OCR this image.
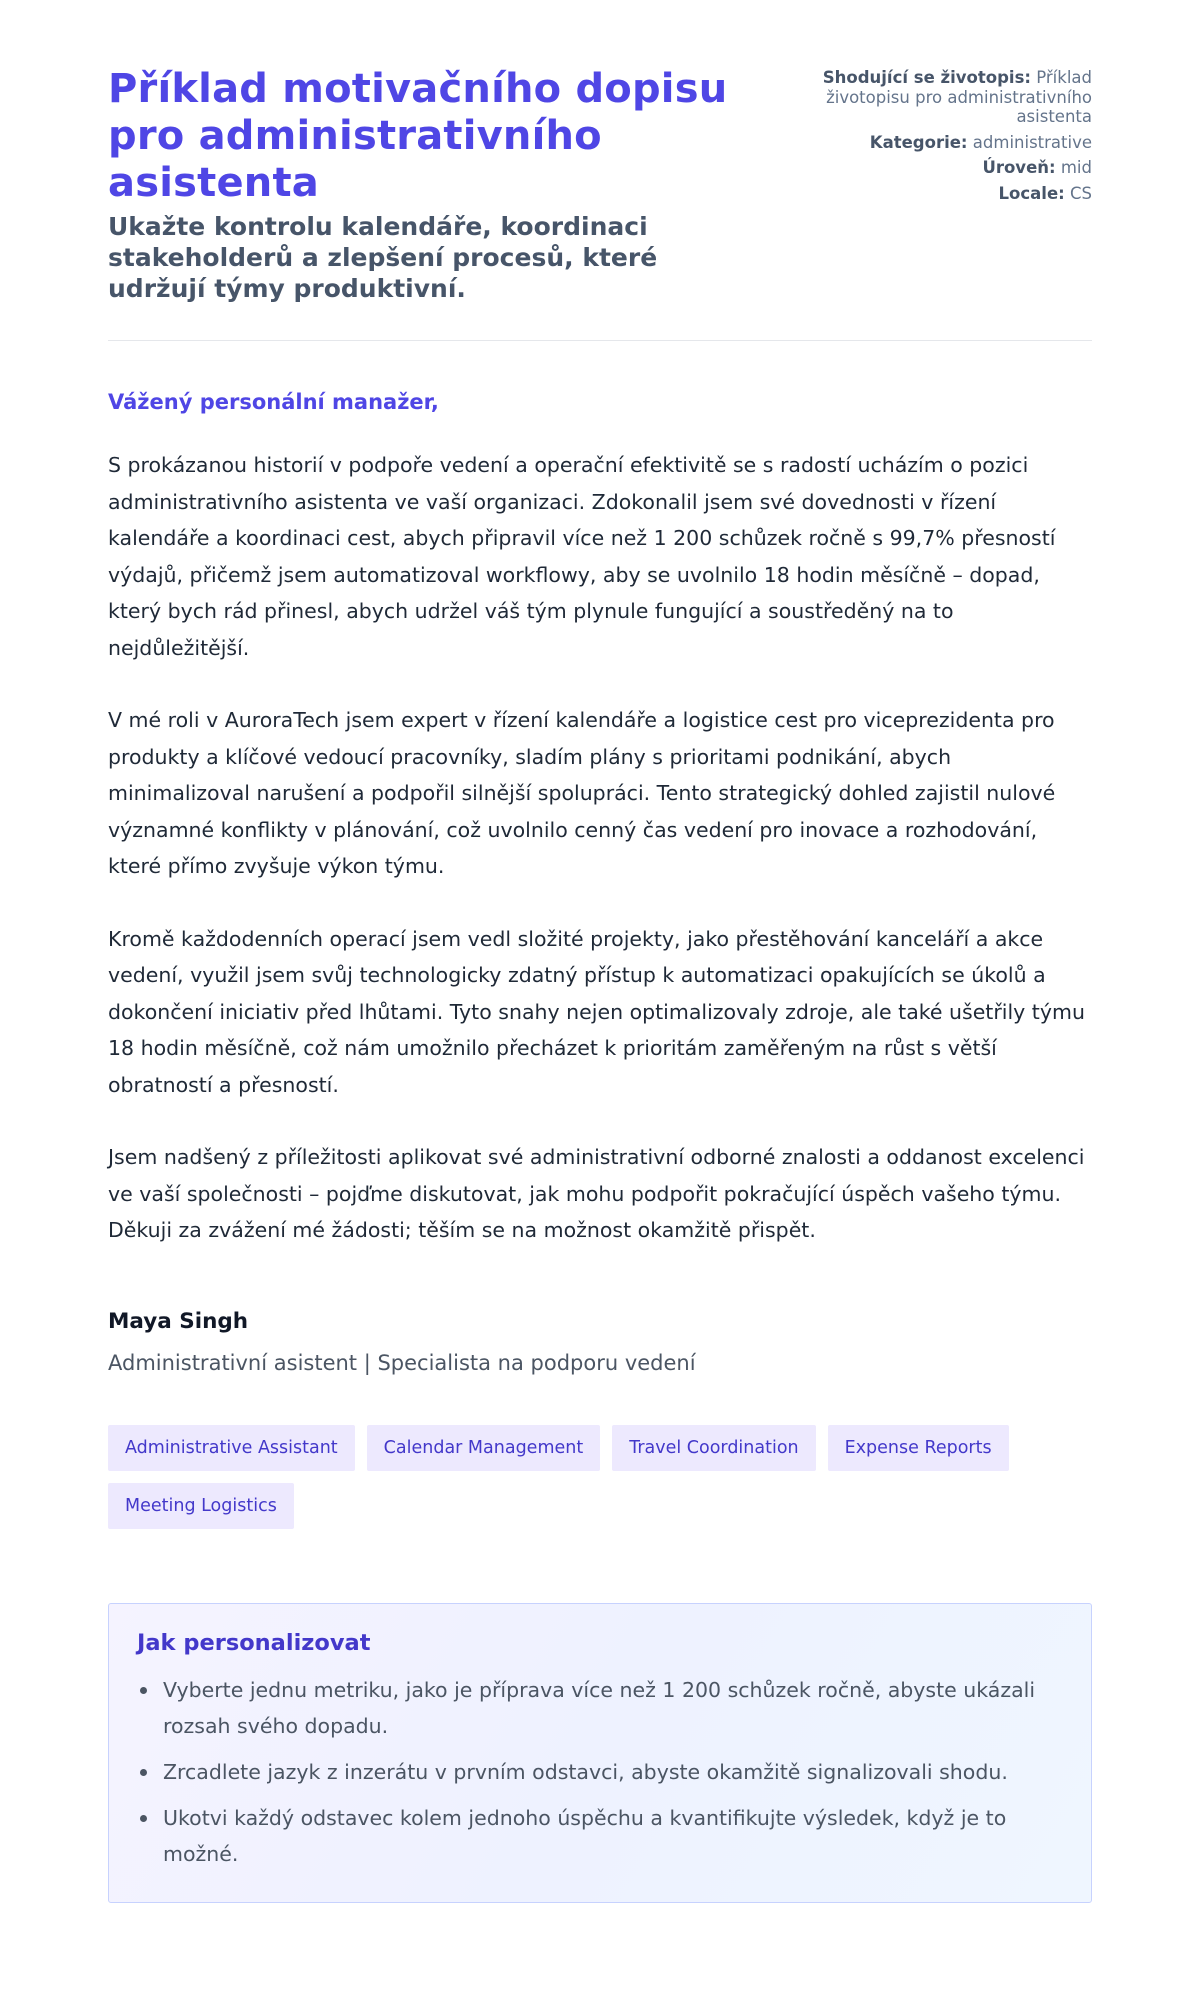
Příklad motivačního dopisu pro administrativního asistenta
Ukažte kontrolu kalendáře, koordinaci stakeholderů a zlepšení procesů, které udržují týmy produktivní.
Shodující se životopis: Příklad životopisu pro administrativního asistenta
Kategorie: administrative
Úroveň: mid
Locale: CS
Vážený personální manažer,

S prokázanou historií v podpoře vedení a operační efektivitě se s radostí ucházím o pozici administrativního asistenta ve vaší organizaci. Zdokonalil jsem své dovednosti v řízení kalendáře a koordinaci cest, abych připravil více než 1 200 schůzek ročně s 99,7% přesností výdajů, přičemž jsem automatizoval workflowy, aby se uvolnilo 18 hodin měsíčně – dopad, který bych rád přinesl, abych udržel váš tým plynule fungující a soustředěný na to nejdůležitější.

V mé roli v AuroraTech jsem expert v řízení kalendáře a logistice cest pro viceprezidenta pro produkty a klíčové vedoucí pracovníky, sladím plány s prioritami podnikání, abych minimalizoval narušení a podpořil silnější spolupráci. Tento strategický dohled zajistil nulové významné konflikty v plánování, což uvolnilo cenný čas vedení pro inovace a rozhodování, které přímo zvyšuje výkon týmu.

Kromě každodenních operací jsem vedl složité projekty, jako přestěhování kanceláří a akce vedení, využil jsem svůj technologicky zdatný přístup k automatizaci opakujících se úkolů a dokončení iniciativ před lhůtami. Tyto snahy nejen optimalizovaly zdroje, ale také ušetřily týmu 18 hodin měsíčně, což nám umožnilo přecházet k prioritám zaměřeným na růst s větší obratností a přesností.

Jsem nadšený z příležitosti aplikovat své administrativní odborné znalosti a oddanost excelenci ve vaší společnosti – pojďme diskutovat, jak mohu podpořit pokračující úspěch vašeho týmu. Děkuji za zvážení mé žádosti; těším se na možnost okamžitě přispět.

Maya Singh
Administrativní asistent | Specialista na podporu vedení
Administrative Assistant	Calendar Management	Travel Coordination	Expense Reports
Meeting Logistics
Jak personalizovat
Vyberte jednu metriku, jako je příprava více než 1 200 schůzek ročně, abyste ukázali rozsah svého dopadu.
Zrcadlete jazyk z inzerátu v prvním odstavci, abyste okamžitě signalizovali shodu.
Ukotvi každý odstavec kolem jednoho úspěchu a kvantifikujte výsledek, když je to možné.
